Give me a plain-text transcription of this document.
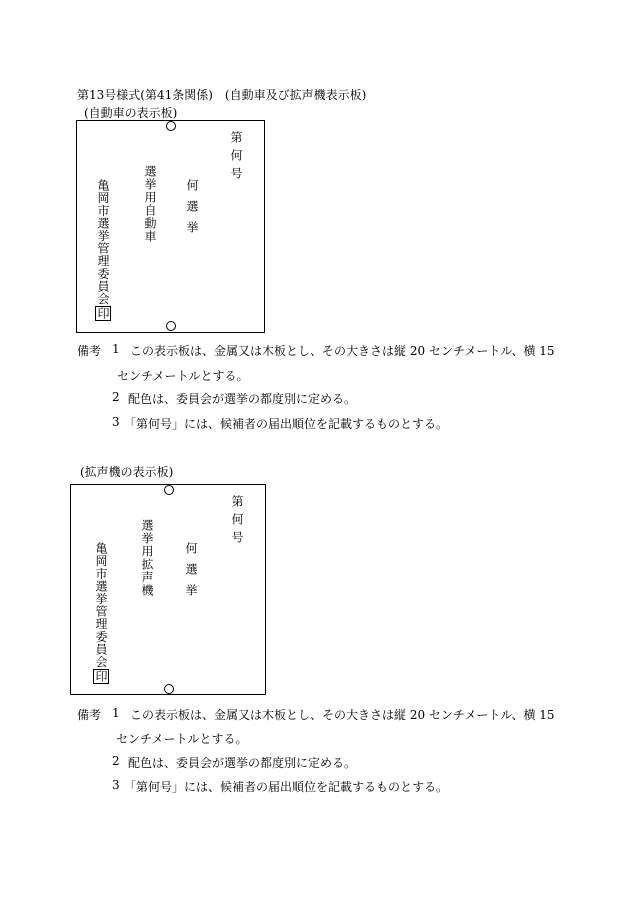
第13号様式(第41条関係)　(自動車及び拡声機表示板)
(自動車の表示板)
第何号
何選挙
選挙用自動車
亀岡市選挙管理委員会印
備考 1 この表示板は、金属又は木板とし、その大きさは縦 20 センチメートル、横 15
センチメートルとする。
2 配色は、委員会が選挙の都度別に定める。
3 「第何号」には、候補者の届出順位を記載するものとする。
(拡声機の表示板)
第何号
何選挙
選挙用拡声機
亀岡市選挙管理委員会印
備考 1 この表示板は、金属又は木板とし、その大きさは縦 20 センチメートル、横 15
センチメートルとする。
2 配色は、委員会が選挙の都度別に定める。
3 「第何号」には、候補者の届出順位を記載するものとする。
